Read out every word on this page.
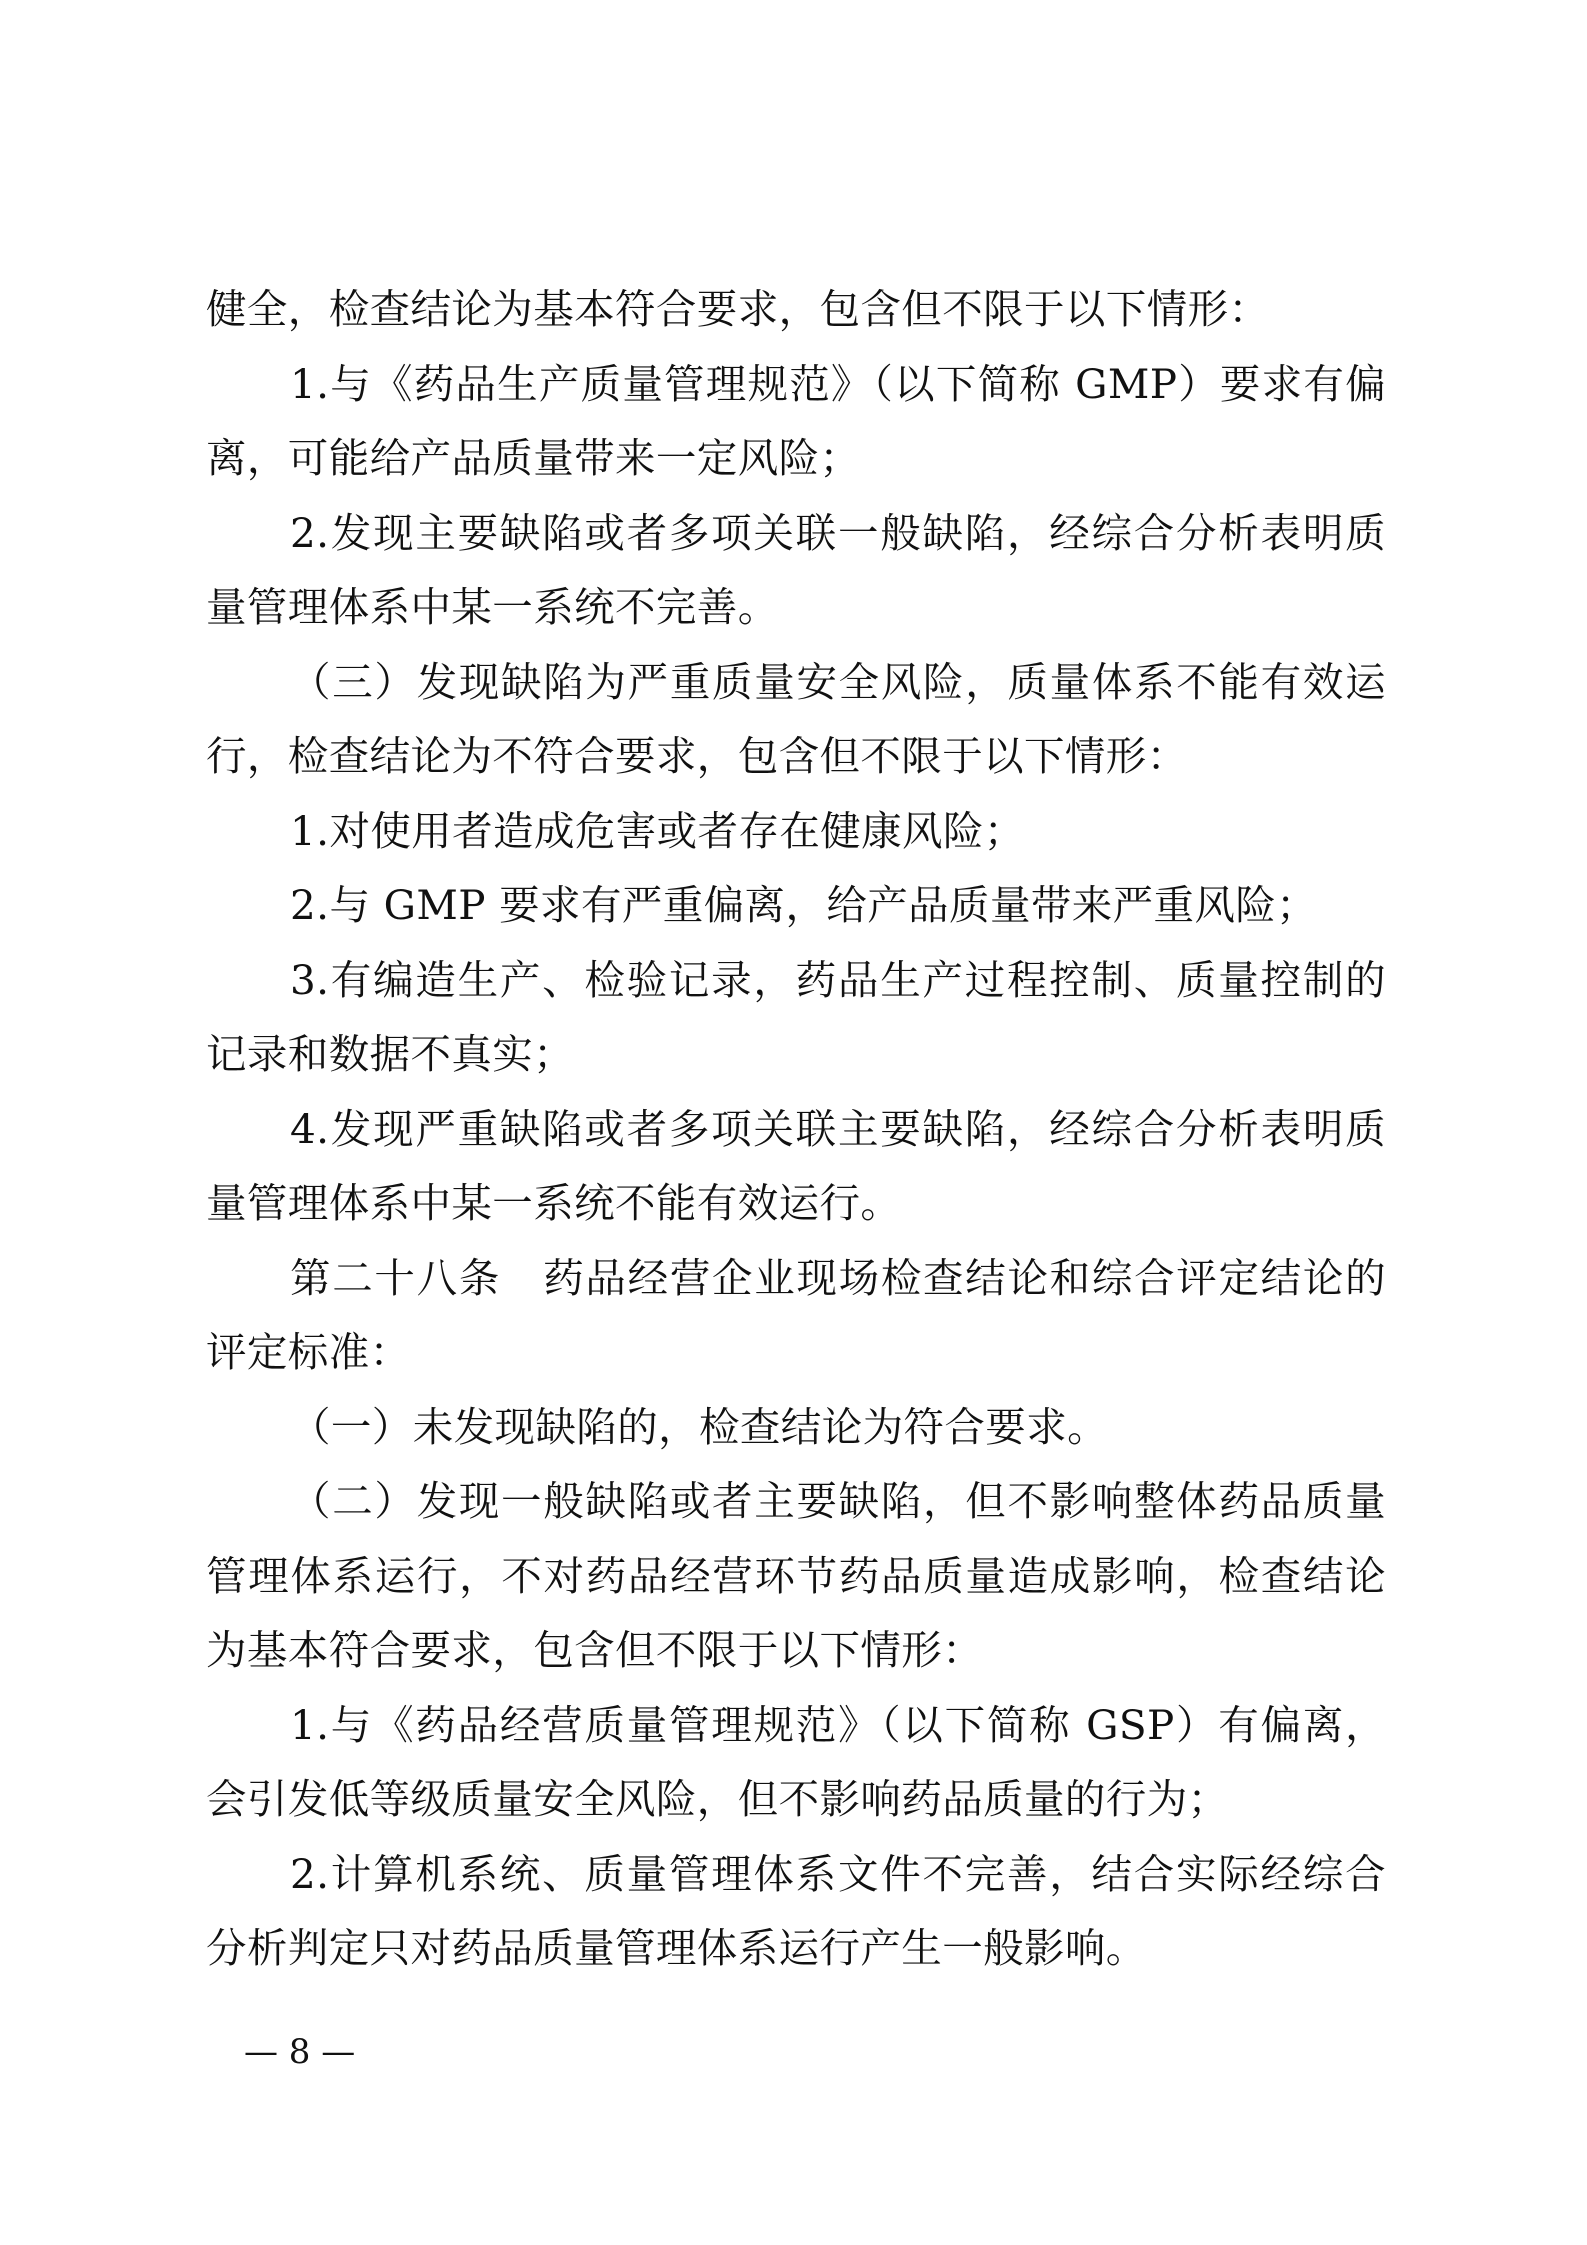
健全，检查结论为基本符合要求，包含但不限于以下情形：

1.与《药品生产质量管理规范》（以下简称 GMP）要求有偏离，可能给产品质量带来一定风险；

2.发现主要缺陷或者多项关联一般缺陷，经综合分析表明质量管理体系中某一系统不完善。

（三）发现缺陷为严重质量安全风险，质量体系不能有效运行，检查结论为不符合要求，包含但不限于以下情形：

1.对使用者造成危害或者存在健康风险；

2.与 GMP 要求有严重偏离，给产品质量带来严重风险；

3.有编造生产、检验记录，药品生产过程控制、质量控制的记录和数据不真实；

4.发现严重缺陷或者多项关联主要缺陷，经综合分析表明质量管理体系中某一系统不能有效运行。

第二十八条　药品经营企业现场检查结论和综合评定结论的评定标准：

（一）未发现缺陷的，检查结论为符合要求。

（二）发现一般缺陷或者主要缺陷，但不影响整体药品质量管理体系运行，不对药品经营环节药品质量造成影响，检查结论为基本符合要求，包含但不限于以下情形：

1.与《药品经营质量管理规范》（以下简称 GSP）有偏离，会引发低等级质量安全风险，但不影响药品质量的行为；

2.计算机系统、质量管理体系文件不完善，结合实际经综合分析判定只对药品质量管理体系运行产生一般影响。

— 8 —
